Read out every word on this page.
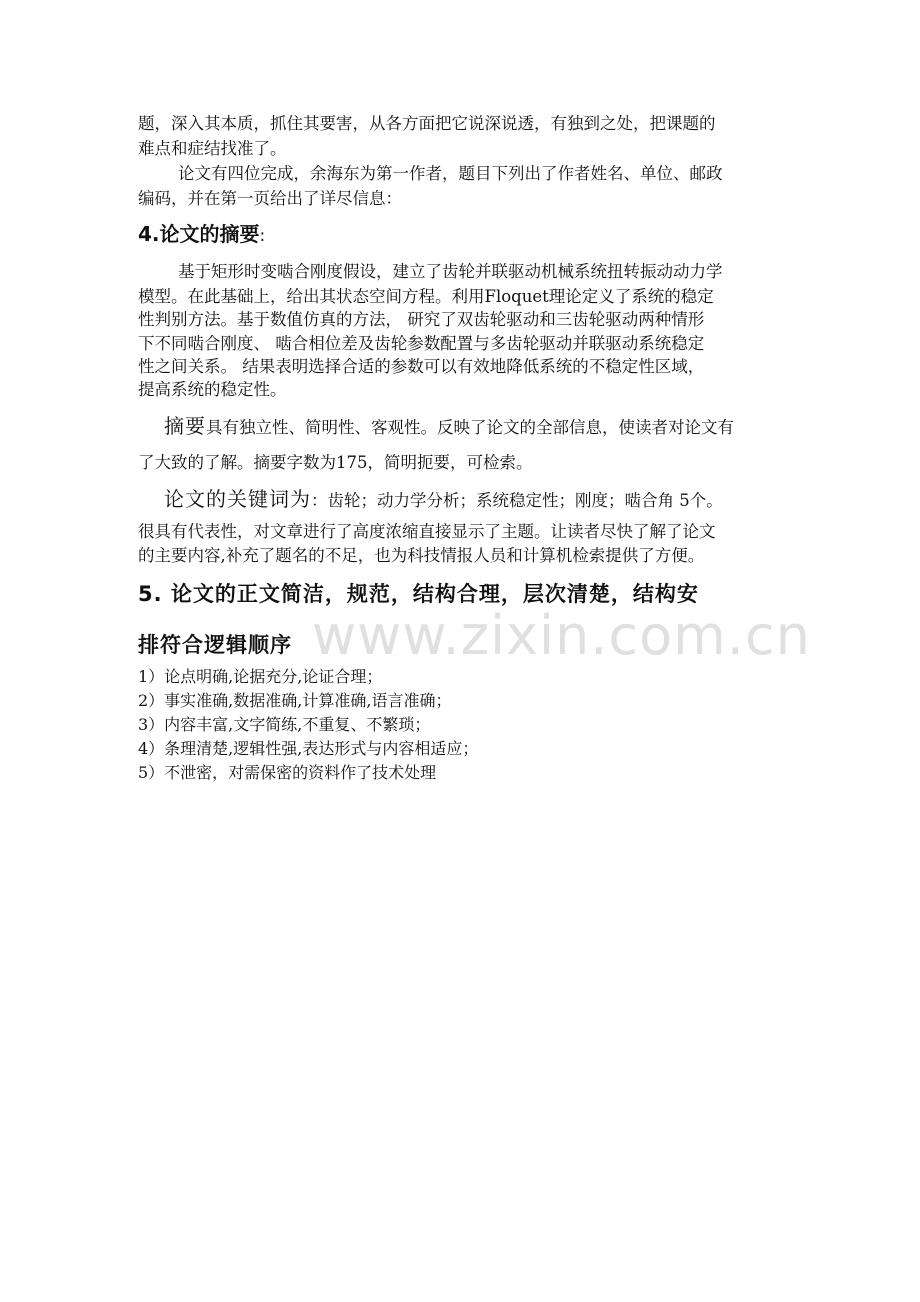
题，深入其本质，抓住其要害，从各方面把它说深说透，有独到之处，把课题的
难点和症结找准了。
论文有四位完成，余海东为第一作者，题目下列出了作者姓名、单位、邮政
编码，并在第一页给出了详尽信息：
4.论文的摘要:
基于矩形时变啮合刚度假设，建立了齿轮并联驱动机械系统扭转振动动力学
模型。在此基础上，给出其状态空间方程。利用Floquet理论定义了系统的稳定
性判别方法。基于数值仿真的方法， 研究了双齿轮驱动和三齿轮驱动两种情形
下不同啮合刚度、 啮合相位差及齿轮参数配置与多齿轮驱动并联驱动系统稳定
性之间关系。 结果表明选择合适的参数可以有效地降低系统的不稳定性区域，
提高系统的稳定性。
摘要具有独立性、简明性、客观性。反映了论文的全部信息，使读者对论文有
了大致的了解。摘要字数为175，简明扼要，可检索。
论文的关键词为：齿轮；动力学分析；系统稳定性；刚度；啮合角 5个。
很具有代表性，对文章进行了高度浓缩直接显示了主题。让读者尽快了解了论文
的主要内容,补充了题名的不足，也为科技情报人员和计算机检索提供了方便。
5. 论文的正文简洁，规范，结构合理，层次清楚，结构安
排符合逻辑顺序
1）论点明确,论据充分,论证合理；
2）事实准确,数据准确,计算准确,语言准确；
3）内容丰富,文字简练,不重复、不繁琐；
4）条理清楚,逻辑性强,表达形式与内容相适应；
5）不泄密，对需保密的资料作了技术处理
www.zixin.com.cn
